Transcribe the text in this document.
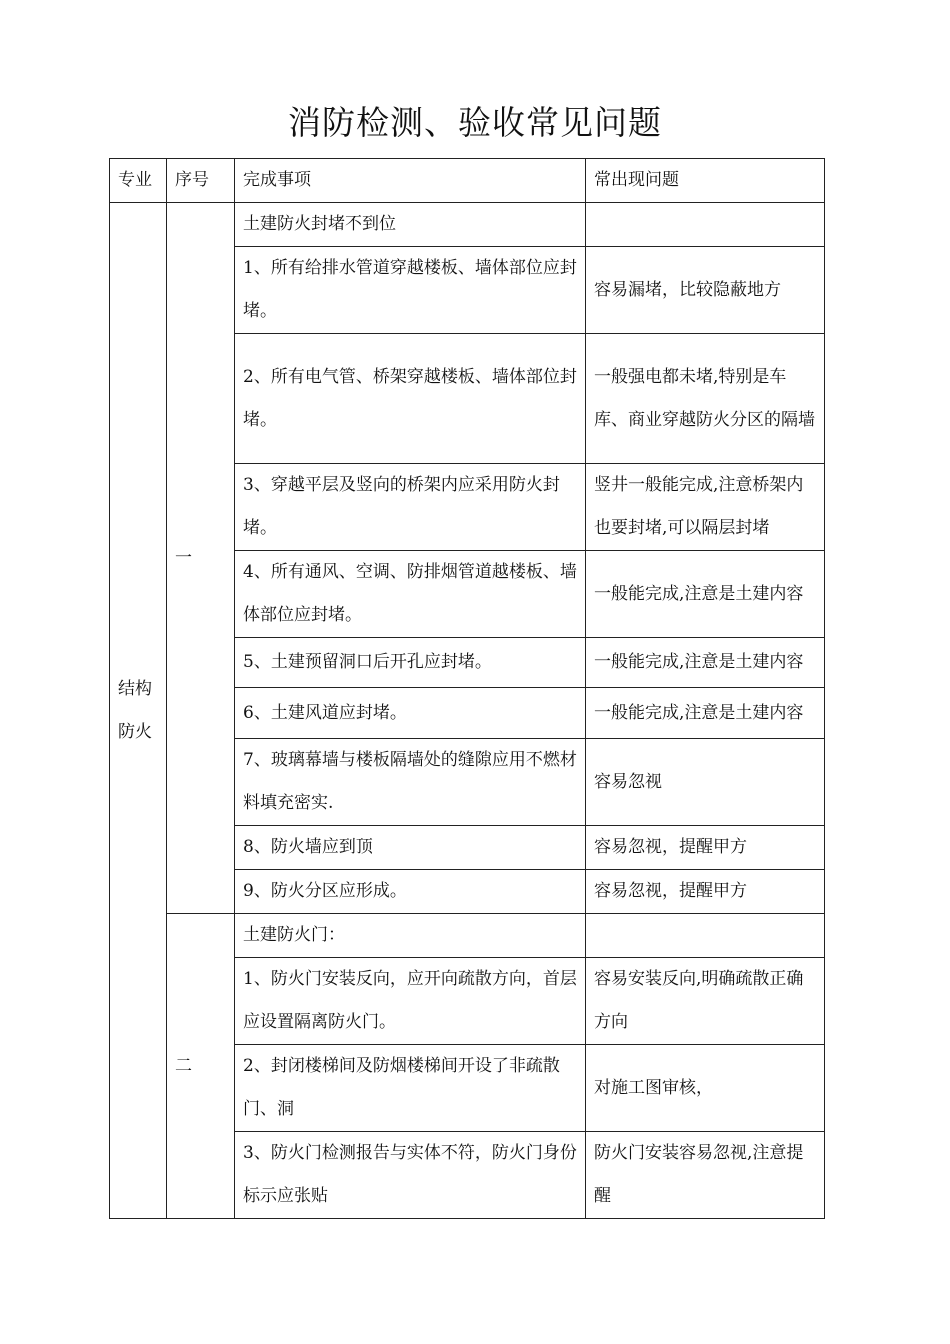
消防检测、验收常见问题
专业	序号	完成事项	常出现问题

结构
防火	一	土建防火封堵不到位	
		1、所有给排水管道穿越楼板、墙体部位应封堵。	容易漏堵，比较隐蔽地方
		2、所有电气管、桥架穿越楼板、墙体部位封堵。	一般强电都未堵,特别是车库、商业穿越防火分区的隔墙
		3、穿越平层及竖向的桥架内应采用防火封堵。	竖井一般能完成,注意桥架内也要封堵,可以隔层封堵
		4、所有通风、空调、防排烟管道越楼板、墙体部位应封堵。	一般能完成,注意是土建内容
		5、土建预留洞口后开孔应封堵。	一般能完成,注意是土建内容
		6、土建风道应封堵。	一般能完成,注意是土建内容
		7、玻璃幕墙与楼板隔墙处的缝隙应用不燃材料填充密实.	容易忽视
		8、防火墙应到顶	容易忽视，提醒甲方
		9、防火分区应形成。	容易忽视，提醒甲方
	二	土建防火门：	
		1、防火门安装反向，应开向疏散方向，首层应设置隔离防火门。	容易安装反向,明确疏散正确方向
		2、封闭楼梯间及防烟楼梯间开设了非疏散门、洞	对施工图审核，
		3、防火门检测报告与实体不符，防火门身份标示应张贴	防火门安装容易忽视,注意提醒
